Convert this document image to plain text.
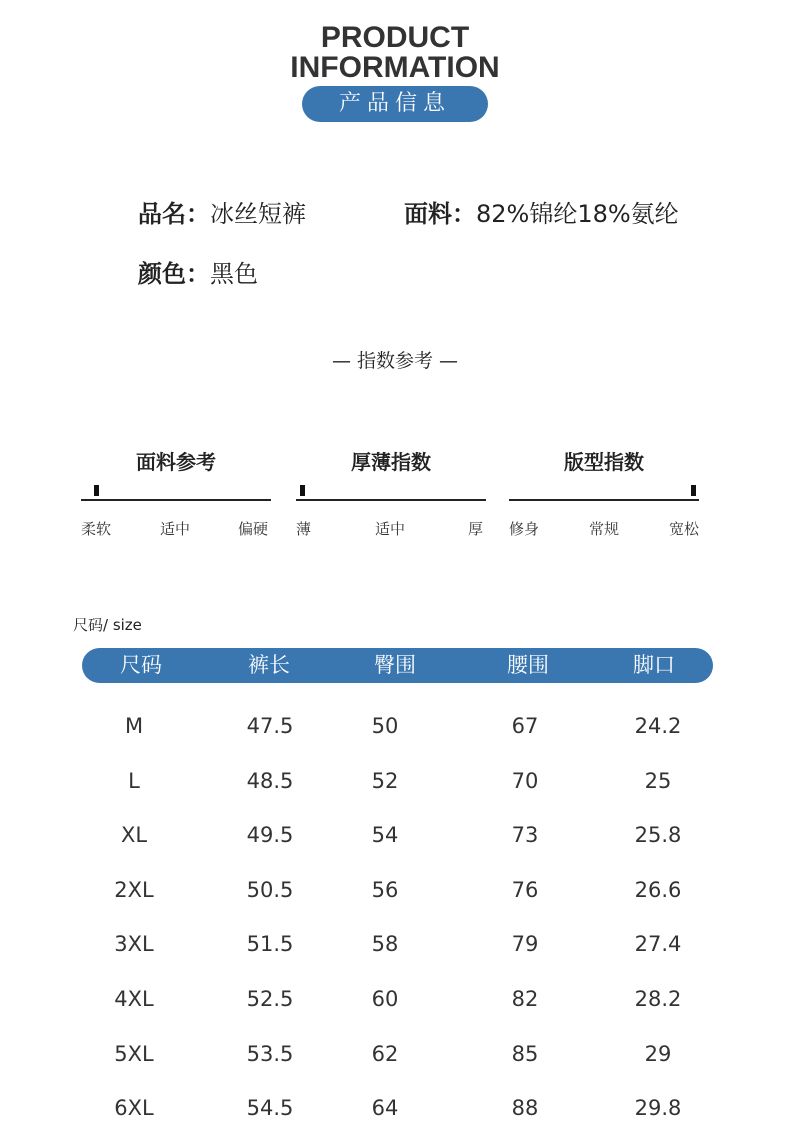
PRODUCT
INFORMATION
产品信息
品名：冰丝短裤	面料：82%锦纶18%氨纶
颜色：黑色
— 指数参考 —
面料参考
柔软	适中	偏硬
厚薄指数
薄	适中	厚
版型指数
修身	常规	宽松
尺码/ size
尺码	裤长	臀围	腰围	脚口
M	47.5	50	67	24.2
L	48.5	52	70	25
XL	49.5	54	73	25.8
2XL	50.5	56	76	26.6
3XL	51.5	58	79	27.4
4XL	52.5	60	82	28.2
5XL	53.5	62	85	29
6XL	54.5	64	88	29.8
